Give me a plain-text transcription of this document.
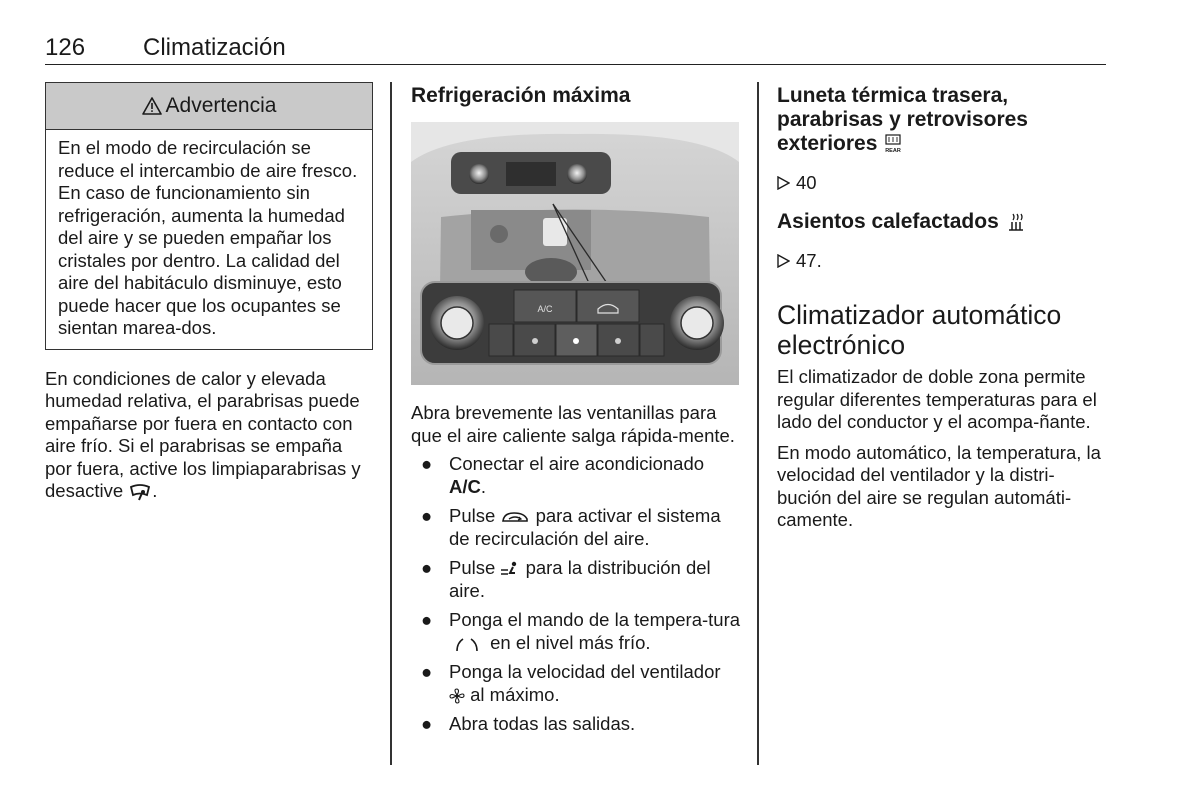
126 Climatización
Advertencia
En el modo de recirculación se reduce el intercambio de aire fresco. En caso de funcionamiento sin refrigeración, aumenta la humedad del aire y se pueden empañar los cristales por dentro. La calidad del aire del habitáculo disminuye, esto puede hacer que los ocupantes se sientan marea-dos.

En condiciones de calor y elevada humedad relativa, el parabrisas puede empañarse por fuera en contacto con aire frío. Si el parabrisas se empaña por fuera, active los limpiaparabrisas y desactive .

Refrigeración máxima
A/C

Abra brevemente las ventanillas para que el aire caliente salga rápida-mente.

● Conectar el aire acondicionado A/C.
● Pulse para activar el sistema de recirculación del aire.
● Pulse para la distribución del aire.
● Ponga el mando de la tempera-tura  en el nivel más frío.
● Ponga la velocidad del ventilador  al máximo.
● Abra todas las salidas.
Luneta térmica trasera, parabrisas y retrovisores exteriores REAR
40
Asientos calefactados
47.
Climatizador automático electrónico

El climatizador de doble zona permite regular diferentes temperaturas para el lado del conductor y el acompa-ñante.

En modo automático, la temperatura, la velocidad del ventilador y la distri-bución del aire se regulan automáti-camente.
